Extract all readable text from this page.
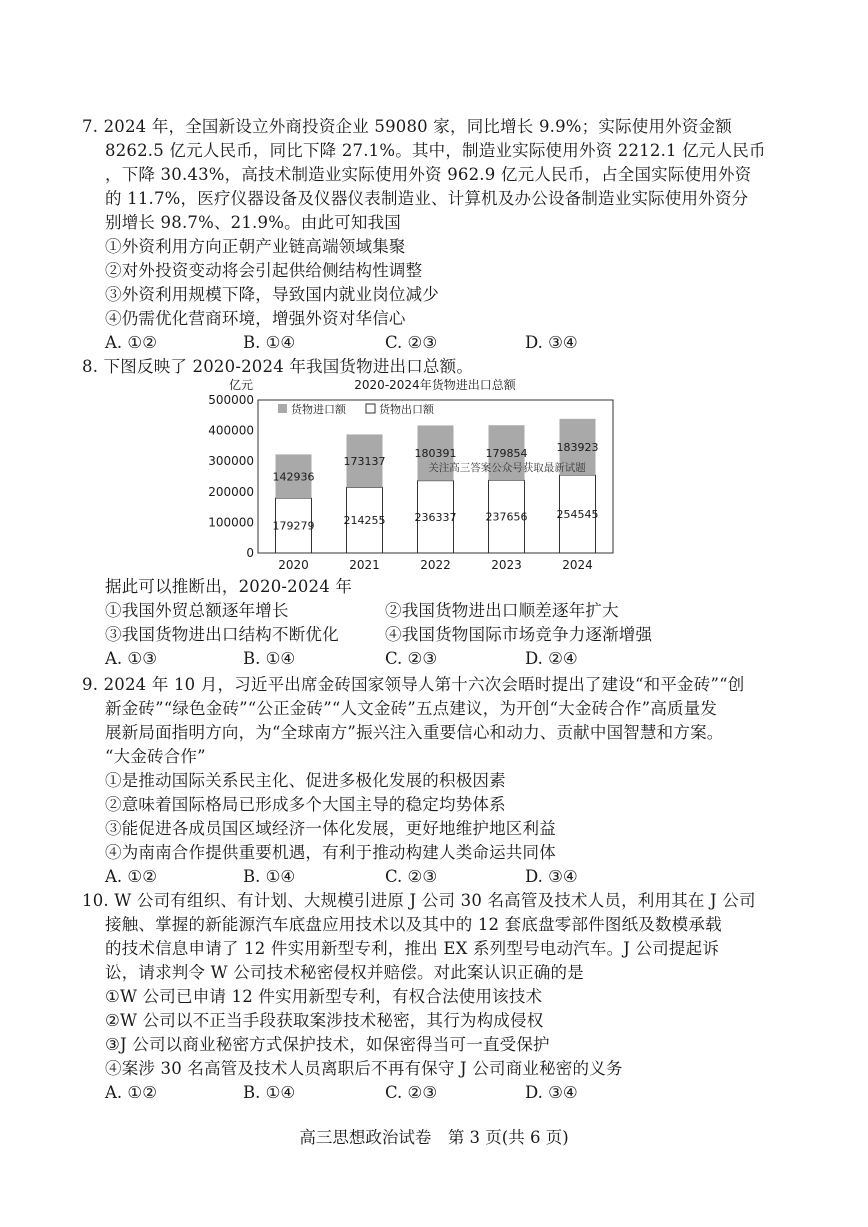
7. 2024 年，全国新设立外商投资企业 59080 家，同比增长 9.9%；实际使用外资金额
8262.5 亿元人民币，同比下降 27.1%。其中，制造业实际使用外资 2212.1 亿元人民币
，下降 30.43%，高技术制造业实际使用外资 962.9 亿元人民币，占全国实际使用外资
的 11.7%，医疗仪器设备及仪器仪表制造业、计算机及办公设备制造业实际使用外资分
别增长 98.7%、21.9%。由此可知我国
①外资利用方向正朝产业链高端领域集聚
②对外投资变动将会引起供给侧结构性调整
③外资利用规模下降，导致国内就业岗位减少
④仍需优化营商环境，增强外资对华信心
A. ①②	B. ①④	C. ②③	D. ③④
8. 下图反映了 2020-2024 年我国货物进出口总额。
亿元	2020-2024年货物进出口总额
0
100000
200000
300000
400000
500000
179279
142936
2020
214255
173137
2021
236337
180391
2022
237656
179854
2023
254545
183923
2024
货物进口额	货物出口额
关注高三答案公众号获取最新试题
据此可以推断出，2020-2024 年
①我国外贸总额逐年增长	②我国货物进出口顺差逐年扩大
③我国货物进出口结构不断优化	④我国货物国际市场竞争力逐渐增强
A. ①③	B. ①④	C. ②③	D. ②④
9. 2024 年 10 月，习近平出席金砖国家领导人第十六次会晤时提出了建设“和平金砖”“创
新金砖”“绿色金砖”“公正金砖”“人文金砖”五点建议，为开创“大金砖合作”高质量发
展新局面指明方向，为“全球南方”振兴注入重要信心和动力、贡献中国智慧和方案。
“大金砖合作”
①是推动国际关系民主化、促进多极化发展的积极因素
②意味着国际格局已形成多个大国主导的稳定均势体系
③能促进各成员国区域经济一体化发展，更好地维护地区利益
④为南南合作提供重要机遇，有利于推动构建人类命运共同体
A. ①②	B. ①④	C. ②③	D. ③④
10. W 公司有组织、有计划、大规模引进原 J 公司 30 名高管及技术人员，利用其在 J 公司
接触、掌握的新能源汽车底盘应用技术以及其中的 12 套底盘零部件图纸及数模承载
的技术信息申请了 12 件实用新型专利，推出 EX 系列型号电动汽车。J 公司提起诉
讼，请求判令 W 公司技术秘密侵权并赔偿。对此案认识正确的是
①W 公司已申请 12 件实用新型专利，有权合法使用该技术
②W 公司以不正当手段获取案涉技术秘密，其行为构成侵权
③J 公司以商业秘密方式保护技术，如保密得当可一直受保护
④案涉 30 名高管及技术人员离职后不再有保守 J 公司商业秘密的义务
A. ①②	B. ①④	C. ②③	D. ③④
高三思想政治试卷　第 3 页(共 6 页)
